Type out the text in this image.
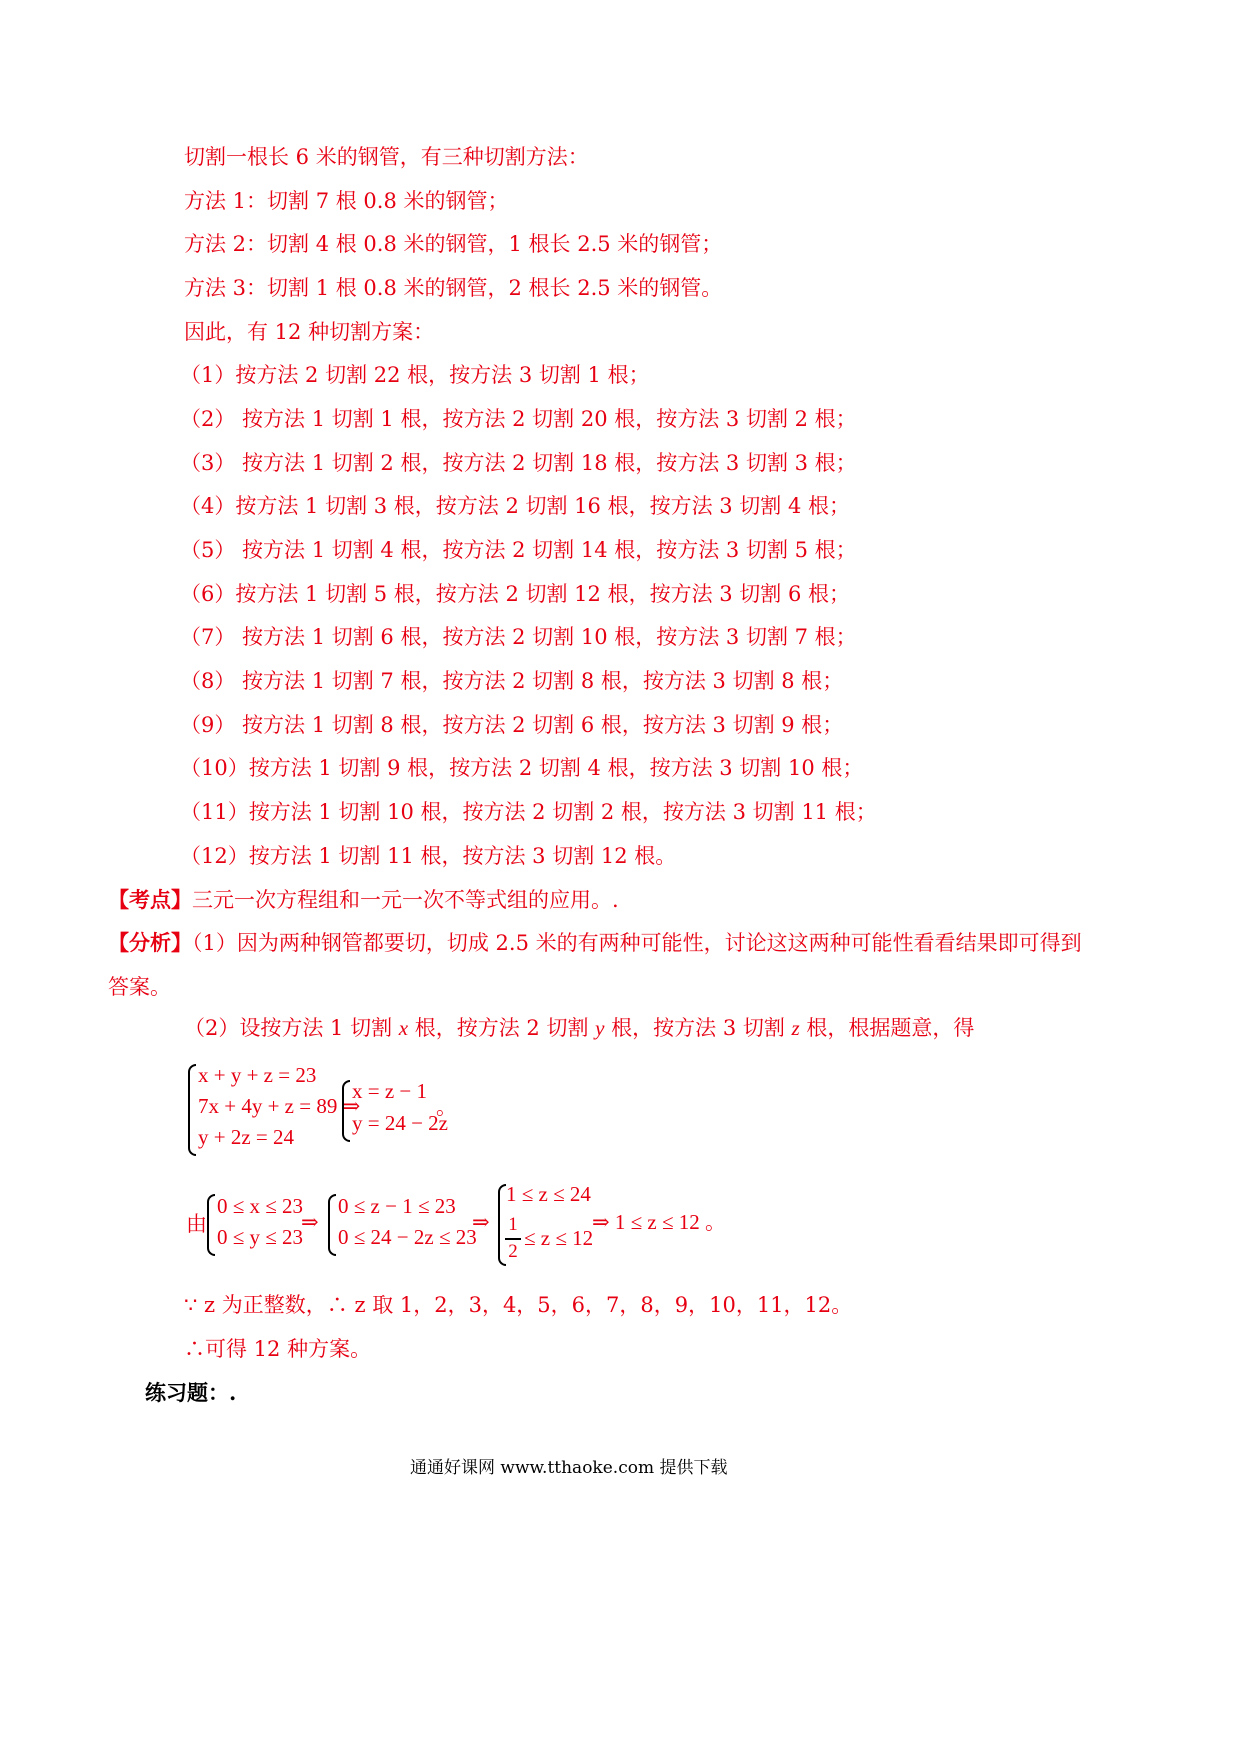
切割一根长 6 米的钢管，有三种切割方法：
方法 1：切割 7 根 0.8 米的钢管；
方法 2：切割 4 根 0.8 米的钢管，1 根长 2.5 米的钢管；
方法 3：切割 1 根 0.8 米的钢管，2 根长 2.5 米的钢管。
因此，有 12 种切割方案：
（1）按方法 2 切割 22 根，按方法 3 切割 1 根；
（2） 按方法 1 切割 1 根，按方法 2 切割 20 根，按方法 3 切割 2 根；
（3） 按方法 1 切割 2 根，按方法 2 切割 18 根，按方法 3 切割 3 根；
（4）按方法 1 切割 3 根，按方法 2 切割 16 根，按方法 3 切割 4 根；
（5） 按方法 1 切割 4 根，按方法 2 切割 14 根，按方法 3 切割 5 根；
（6）按方法 1 切割 5 根，按方法 2 切割 12 根，按方法 3 切割 6 根；
（7） 按方法 1 切割 6 根，按方法 2 切割 10 根，按方法 3 切割 7 根；
（8） 按方法 1 切割 7 根，按方法 2 切割 8 根，按方法 3 切割 8 根；
（9） 按方法 1 切割 8 根，按方法 2 切割 6 根，按方法 3 切割 9 根；
（10）按方法 1 切割 9 根，按方法 2 切割 4 根，按方法 3 切割 10 根；
（11）按方法 1 切割 10 根，按方法 2 切割 2 根，按方法 3 切割 11 根；
（12）按方法 1 切割 11 根，按方法 3 切割 12 根。
【考点】三元一次方程组和一元一次不等式组的应用。.
【分析】（1）因为两种钢管都要切，切成 2.5 米的有两种可能性，讨论这这两种可能性看看结果即可得到
答案。
（2）设按方法 1 切割 x 根，按方法 2 切割 y 根，按方法 3 切割 z 根，根据题意，得
x + y + z = 23
7x + 4y + z = 89 ⇒
y + 2z = 24
x = z − 1
y = 24 − 2z
。
由
0 ≤ x ≤ 23
0 ≤ y ≤ 23
⇒
0 ≤ z − 1 ≤ 23
0 ≤ 24 − 2z ≤ 23
⇒
1 ≤ z ≤ 24
1
2
≤ z ≤ 12
⇒ 1 ≤ z ≤ 12 。
∵ z 为正整数，∴ z 取 1，2，3，4，5，6，7，8，9，10，11，12。
∴可得 12 种方案。
练习题：.
通通好课网 www.tthaoke.com 提供下载
